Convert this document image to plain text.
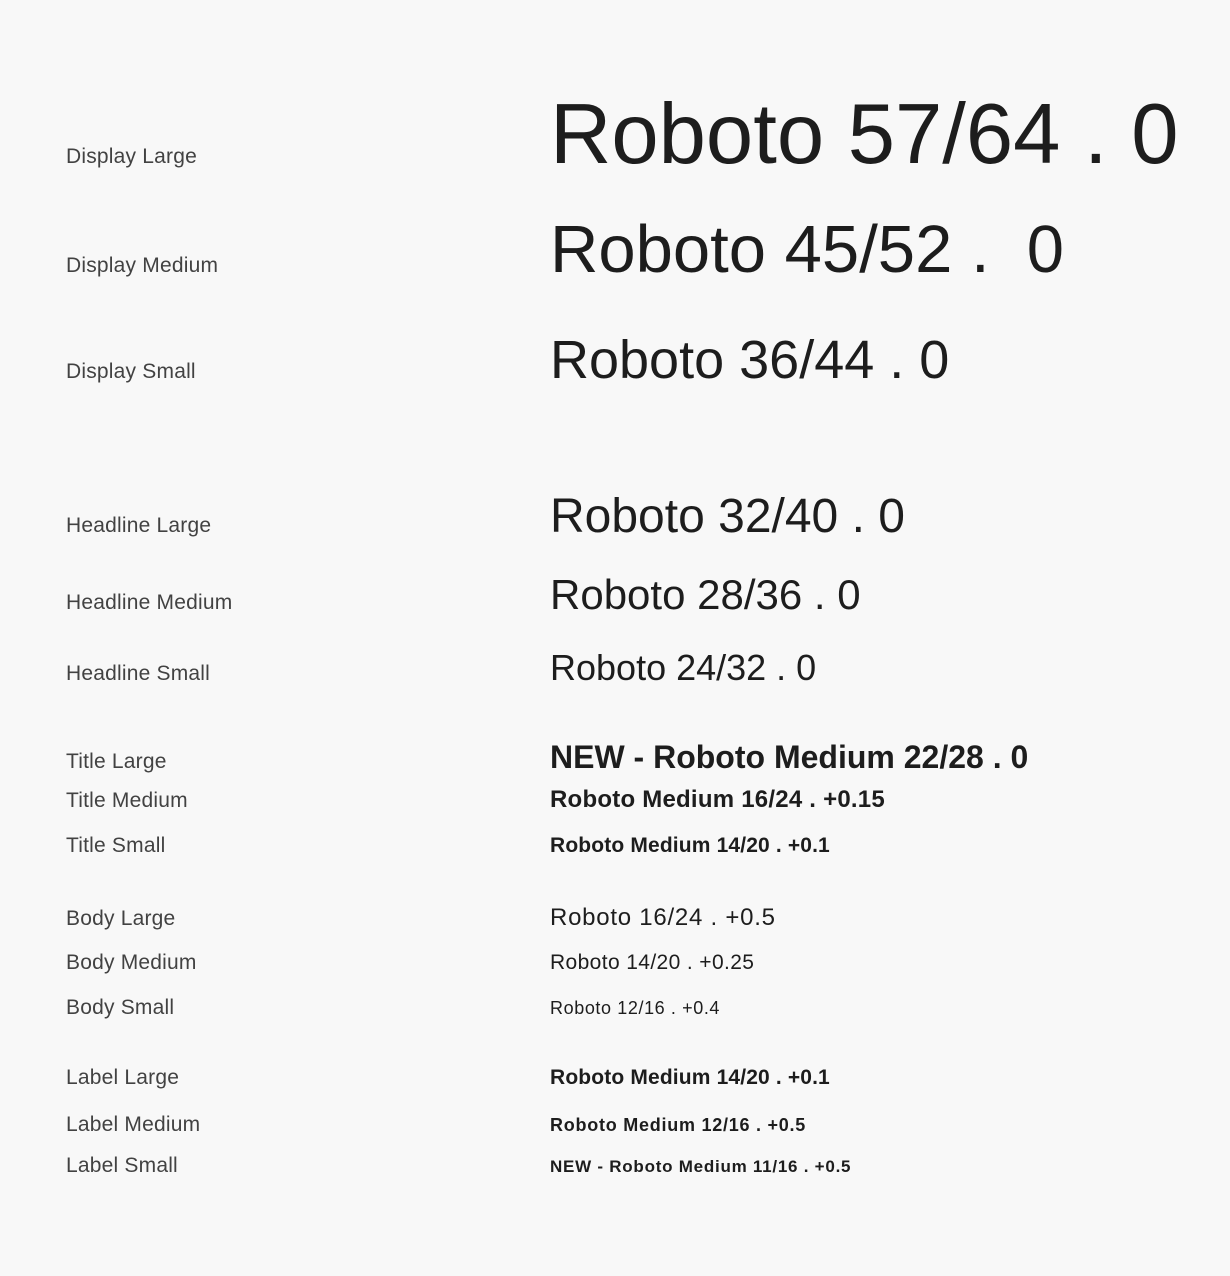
Display Large	Roboto 57/64 . 0
Display Medium	Roboto 45/52 .  0
Display Small	Roboto 36/44 . 0
Headline Large	Roboto 32/40 . 0
Headline Medium	Roboto 28/36 . 0
Headline Small	Roboto 24/32 . 0
Title Large	NEW - Roboto Medium 22/28 . 0
Title Medium	Roboto Medium 16/24 . +0.15
Title Small	Roboto Medium 14/20 . +0.1
Body Large	Roboto 16/24 . +0.5
Body Medium	Roboto 14/20 . +0.25
Body Small	Roboto 12/16 . +0.4
Label Large	Roboto Medium 14/20 . +0.1
Label Medium	Roboto Medium 12/16 . +0.5
Label Small	NEW - Roboto Medium 11/16 . +0.5
